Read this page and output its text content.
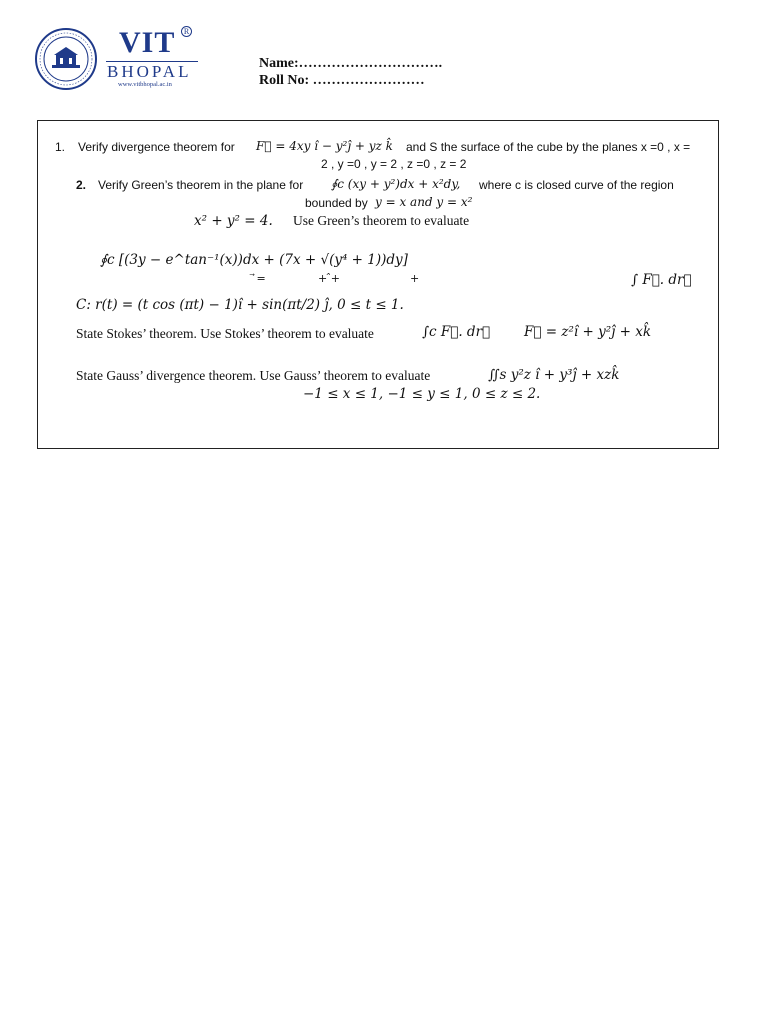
VIT	R
BHOPAL
www.vitbhopal.ac.in
Name:………………………….
Roll No: ……………………
1. Verify divergence theorem for F⃗ = 4xy î − y²ĵ + yz k̂ and S the surface of the cube by the planes x =0 , x =
2 , y =0 , y = 2 , z =0 , z = 2
2. Verify Green’s theorem in the plane for ∮c (xy + y²)dx + x²dy, where c is closed curve of the region
bounded by y = x and y = x²
x² + y² = 4. Use Green’s theorem to evaluate
∮c [(3y − e^tan⁻¹(x))dx + (7x + √(y⁴ + 1))dy]
⃗ =	+ ̂+	+	∫ F⃗. dr⃗
C: r(t) = (t cos (πt) − 1)î + sin(πt/2) ĵ, 0 ≤ t ≤ 1.
State Stokes’ theorem. Use Stokes’ theorem to evaluate	∫c F⃗. dr⃗	F⃗ = z²î + y²ĵ + xk̂
State Gauss’ divergence theorem. Use Gauss’ theorem to evaluate	∬s y²z î + y³ĵ + xzk̂
−1 ≤ x ≤ 1, −1 ≤ y ≤ 1, 0 ≤ z ≤ 2.
